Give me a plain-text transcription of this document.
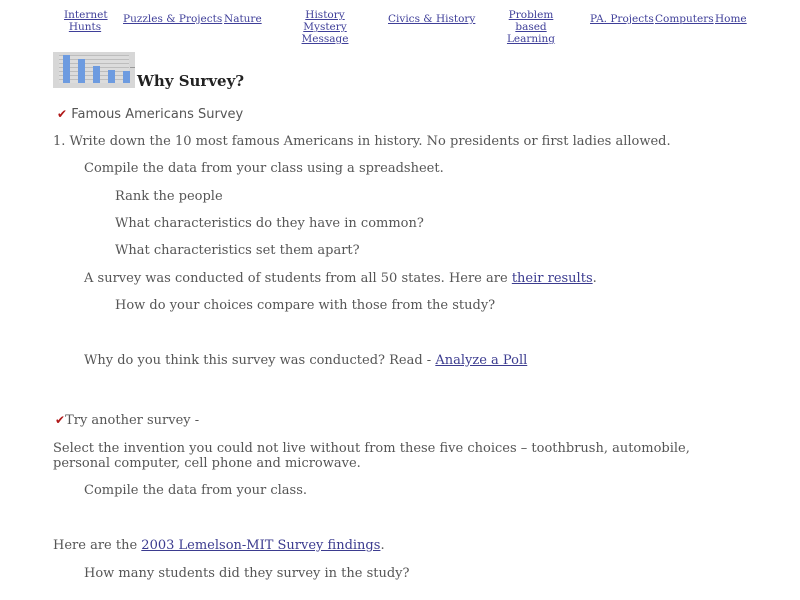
Internet
Hunts
Puzzles & Projects Nature	History Mystery
Message
Civics & History	Problem based
Learning
PA. Projects Computers Home
Why Survey?
✔ Famous Americans Survey
1. Write down the 10 most famous Americans in history. No presidents or first ladies allowed.
Compile the data from your class using a spreadsheet.
Rank the people
What characteristics do they have in common?
What characteristics set them apart?
A survey was conducted of students from all 50 states. Here are their results.
How do your choices compare with those from the study?
Why do you think this survey was conducted? Read - Analyze a Poll
✔Try another survey -
Select the invention you could not live without from these five choices – toothbrush, automobile,
personal computer, cell phone and microwave.
Compile the data from your class.
Here are the 2003 Lemelson-MIT Survey findings.
How many students did they survey in the study?
